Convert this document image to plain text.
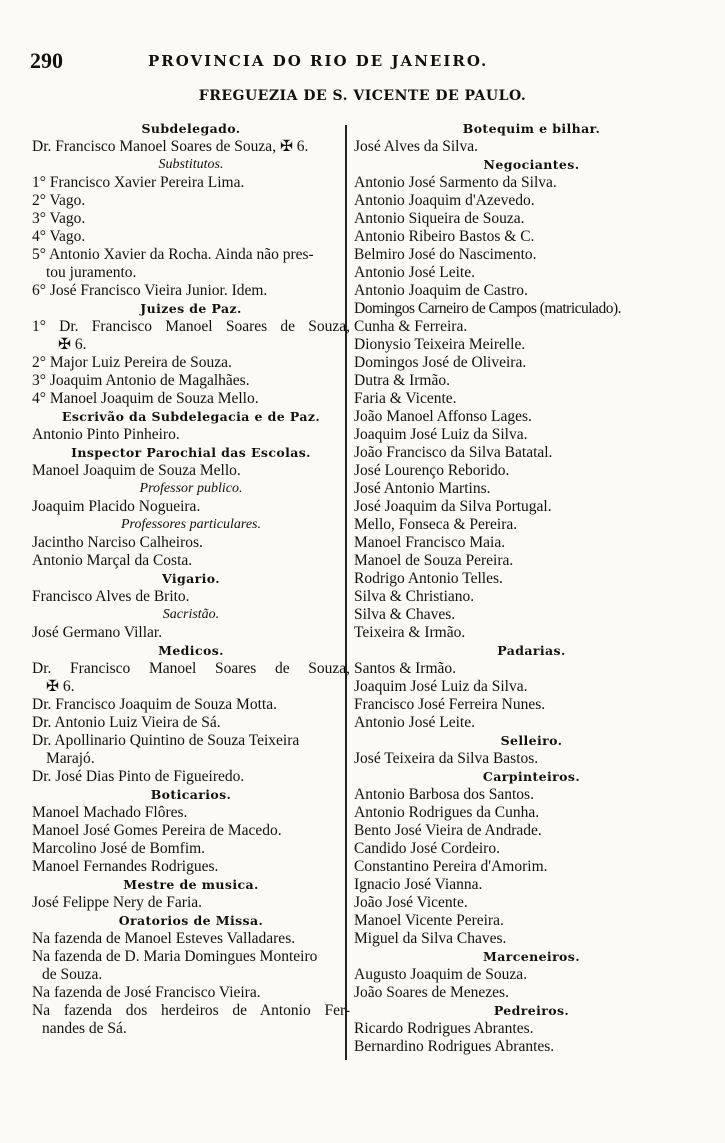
290	PROVINCIA DO RIO DE JANEIRO.
FREGUEZIA DE S. VICENTE DE PAULO.
Subdelegado.
Dr. Francisco Manoel Soares de Souza, ✠ 6.
Substitutos.
1° Francisco Xavier Pereira Lima.
2° Vago.
3° Vago.
4° Vago.
5° Antonio Xavier da Rocha. Ainda não pres-
tou juramento.
6° José Francisco Vieira Junior. Idem.
Juizes de Paz.
1° Dr. Francisco Manoel Soares de Souza,
✠ 6.
2° Major Luiz Pereira de Souza.
3° Joaquim Antonio de Magalhães.
4° Manoel Joaquim de Souza Mello.
Escrivão da Subdelegacia e de Paz.
Antonio Pinto Pinheiro.
Inspector Parochial das Escolas.
Manoel Joaquim de Souza Mello.
Professor publico.
Joaquim Placido Nogueira.
Professores particulares.
Jacintho Narciso Calheiros.
Antonio Marçal da Costa.
Vigario.
Francisco Alves de Brito.
Sacristão.
José Germano Villar.
Medicos.
Dr. Francisco Manoel Soares de Souza,
✠ 6.
Dr. Francisco Joaquim de Souza Motta.
Dr. Antonio Luiz Vieira de Sá.
Dr. Apollinario Quintino de Souza Teixeira
Marajó.
Dr. José Dias Pinto de Figueiredo.
Boticarios.
Manoel Machado Flôres.
Manoel José Gomes Pereira de Macedo.
Marcolino José de Bomfim.
Manoel Fernandes Rodrigues.
Mestre de musica.
José Felippe Nery de Faria.
Oratorios de Missa.
Na fazenda de Manoel Esteves Valladares.
Na fazenda de D. Maria Domingues Monteiro
de Souza.
Na fazenda de José Francisco Vieira.
Na fazenda dos herdeiros de Antonio Fer-
nandes de Sá.
Botequim e bilhar.
José Alves da Silva.
Negociantes.
Antonio José Sarmento da Silva.
Antonio Joaquim d'Azevedo.
Antonio Siqueira de Souza.
Antonio Ribeiro Bastos & C.
Belmiro José do Nascimento.
Antonio José Leite.
Antonio Joaquim de Castro.
Domingos Carneiro de Campos (matriculado).
Cunha & Ferreira.
Dionysio Teixeira Meirelle.
Domingos José de Oliveira.
Dutra & Irmão.
Faria & Vicente.
João Manoel Affonso Lages.
Joaquim José Luiz da Silva.
João Francisco da Silva Batatal.
José Lourenço Reborido.
José Antonio Martins.
José Joaquim da Silva Portugal.
Mello, Fonseca & Pereira.
Manoel Francisco Maia.
Manoel de Souza Pereira.
Rodrigo Antonio Telles.
Silva & Christiano.
Silva & Chaves.
Teixeira & Irmão.
Padarias.
Santos & Irmão.
Joaquim José Luiz da Silva.
Francisco José Ferreira Nunes.
Antonio José Leite.
Selleiro.
José Teixeira da Silva Bastos.
Carpinteiros.
Antonio Barbosa dos Santos.
Antonio Rodrigues da Cunha.
Bento José Vieira de Andrade.
Candido José Cordeiro.
Constantino Pereira d'Amorim.
Ignacio José Vianna.
João José Vicente.
Manoel Vicente Pereira.
Miguel da Silva Chaves.
Marceneiros.
Augusto Joaquim de Souza.
João Soares de Menezes.
Pedreiros.
Ricardo Rodrigues Abrantes.
Bernardino Rodrigues Abrantes.
